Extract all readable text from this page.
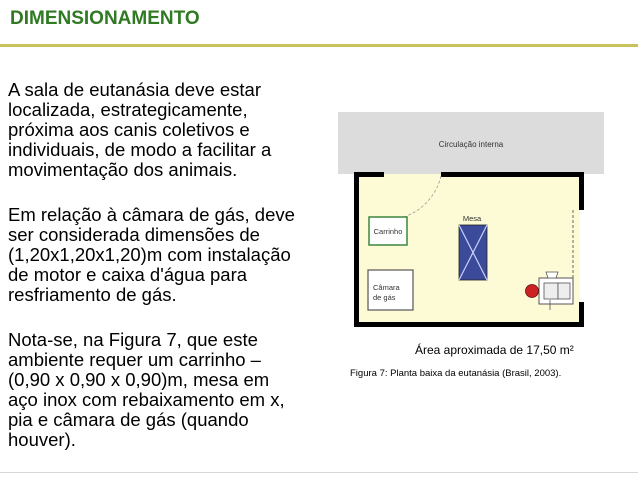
DIMENSIONAMENTO
A sala de eutanásia deve estar
localizada, estrategicamente,
próxima aos canis coletivos e
individuais, de modo a facilitar a
movimentação dos animais.
Em relação à câmara de gás, deve
ser considerada dimensões de
(1,20x1,20x1,20)m com instalação
de motor e caixa d'água para
resfriamento de gás.
Nota-se, na Figura 7, que este
ambiente requer um carrinho –
(0,90 x 0,90 x 0,90)m, mesa em
aço inox com rebaixamento em x,
pia e câmara de gás (quando
houver).
Circulação interna
Mesa
Carrinho
Câmara
de gás
Área aproximada de 17,50 m²
Figura 7: Planta baixa da eutanásia (Brasil, 2003).
